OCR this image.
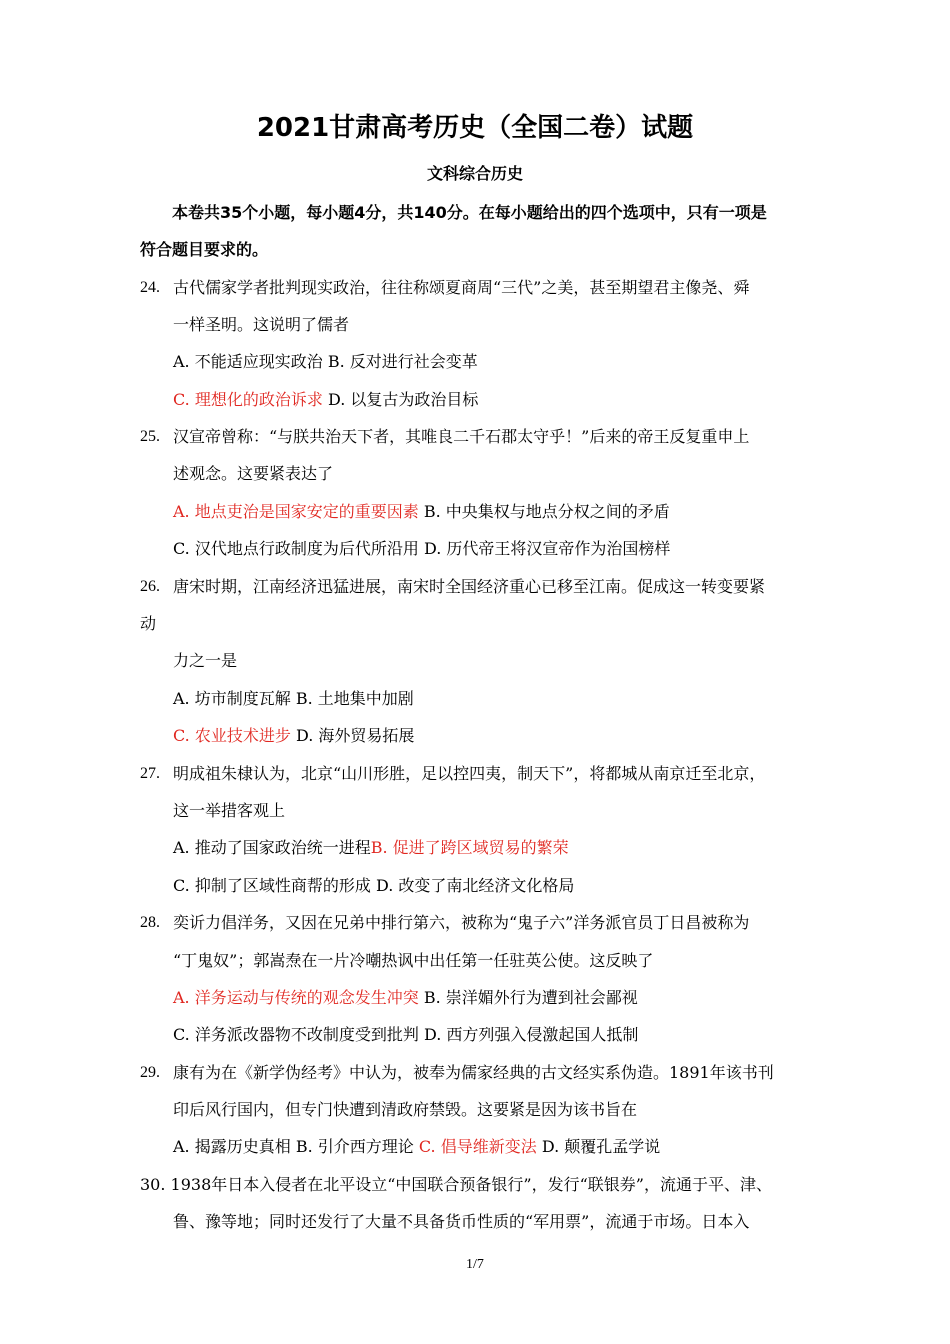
2021甘肃高考历史（全国二卷）试题
文科综合历史
本卷共35个小题，每小题4分，共140分。在每小题给出的四个选项中，只有一项是
符合题目要求的。
24. 古代儒家学者批判现实政治，往往称颂夏商周“三代”之美，甚至期望君主像尧、舜
一样圣明。这说明了儒者
A. 不能适应现实政治 B. 反对进行社会变革
C. 理想化的政治诉求 D. 以复古为政治目标
25. 汉宣帝曾称：“与朕共治天下者，其唯良二千石郡太守乎！”后来的帝王反复重申上
述观念。这要紧表达了
A. 地点吏治是国家安定的重要因素 B. 中央集权与地点分权之间的矛盾
C. 汉代地点行政制度为后代所沿用 D. 历代帝王将汉宣帝作为治国榜样
26. 唐宋时期，江南经济迅猛进展，南宋时全国经济重心已移至江南。促成这一转变要紧
动
力之一是
A. 坊市制度瓦解 B. 土地集中加剧
C. 农业技术进步 D. 海外贸易拓展
27. 明成祖朱棣认为，北京“山川形胜，足以控四夷，制天下”，将都城从南京迁至北京，
这一举措客观上
A. 推动了国家政治统一进程B. 促进了跨区域贸易的繁荣
C. 抑制了区域性商帮的形成 D. 改变了南北经济文化格局
28. 奕䜣力倡洋务，又因在兄弟中排行第六，被称为“鬼子六”洋务派官员丁日昌被称为
“丁鬼奴”；郭嵩焘在一片冷嘲热讽中出任第一任驻英公使。这反映了
A. 洋务运动与传统的观念发生冲突 B. 崇洋媚外行为遭到社会鄙视
C. 洋务派改器物不改制度受到批判 D. 西方列强入侵激起国人抵制
29. 康有为在《新学伪经考》中认为，被奉为儒家经典的古文经实系伪造。1891年该书刊
印后风行国内，但专门快遭到清政府禁毁。这要紧是因为该书旨在
A. 揭露历史真相 B. 引介西方理论 C. 倡导维新变法 D. 颠覆孔孟学说
30. 1938年日本入侵者在北平设立“中国联合预备银行”，发行“联银券”，流通于平、津、
鲁、豫等地；同时还发行了大量不具备货币性质的“军用票”，流通于市场。日本入
1/7
